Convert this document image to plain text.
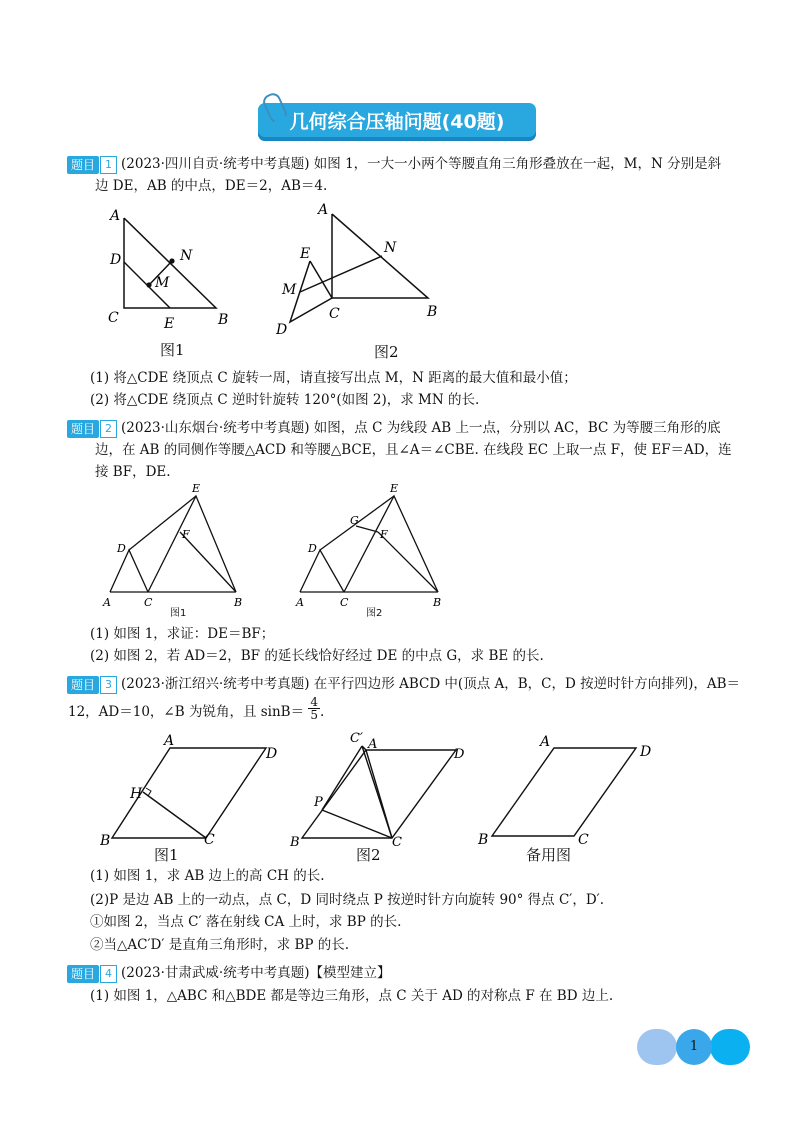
几何综合压轴问题(40题)
题目 1 (2023·四川自贡·统考中考真题) 如图 1，一大一小两个等腰直角三角形叠放在一起，M，N 分别是斜
边 DE，AB 的中点，DE＝2，AB＝4.
A
D
M
N
C	E	B
A
E	N
M
C
D
B
图1	图2
(1) 将△CDE 绕顶点 C 旋转一周，请直接写出点 M，N 距离的最大值和最小值；
(2) 将△CDE 绕顶点 C 逆时针旋转 120°(如图 2)，求 MN 的长.
题目 2 (2023·山东烟台·统考中考真题) 如图，点 C 为线段 AB 上一点，分别以 AC，BC 为等腰三角形的底
边，在 AB 的同侧作等腰△ACD 和等腰△BCE，且∠A＝∠CBE. 在线段 EC 上取一点 F，使 EF＝AD，连
接 BF，DE.
E
D
F
A	C	B
E
G
D
F
A	C	B
图1	图2
(1) 如图 1，求证：DE＝BF；
(2) 如图 2，若 AD＝2，BF 的延长线恰好经过 DE 的中点 G，求 BE 的长.
题目 3 (2023·浙江绍兴·统考中考真题) 在平行四边形 ABCD 中(顶点 A，B，C，D 按逆时针方向排列)，AB＝
12，AD＝10，∠B 为锐角，且 $\sin B= \frac{4}{5}$ .
A
D
H
B	C
C′ A
D
P
B	C
A
D
B	C
图1	图2	备用图
(1) 如图 1，求 AB 边上的高 CH 的长.
(2)P 是边 AB 上的一动点，点 C，D 同时绕点 P 按逆时针方向旋转 90° 得点 C′，D′.
①如图 2，当点 C′ 落在射线 CA 上时，求 BP 的长.
②当△AC′D′ 是直角三角形时，求 BP 的长.
题目 4 (2023·甘肃武威·统考中考真题)【模型建立】
(1) 如图 1，△ABC 和△BDE 都是等边三角形，点 C 关于 AD 的对称点 F 在 BD 边上.
1
